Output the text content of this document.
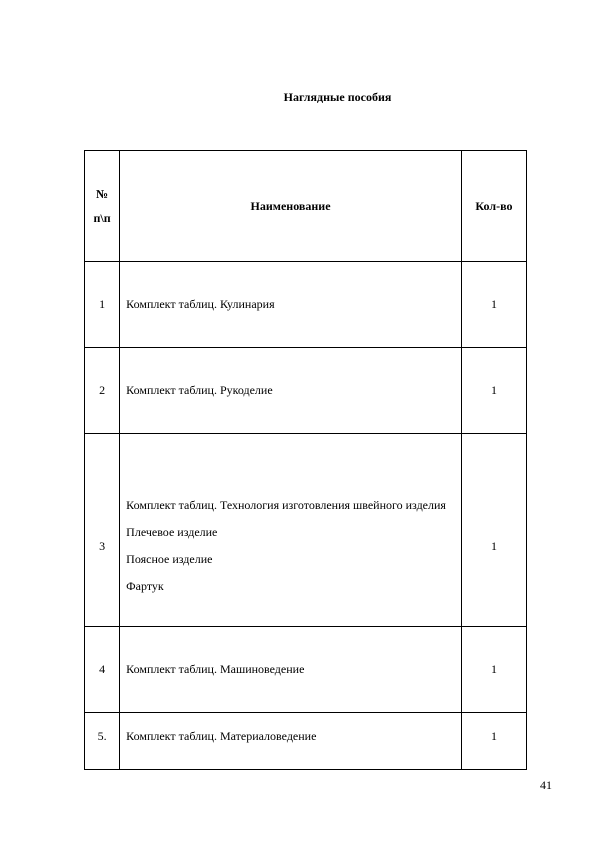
Наглядные пособия
№
п\п	Наименование	Кол-во
1	Комплект таблиц. Кулинария	1
2	Комплект таблиц. Рукоделие	1
3	Комплект таблиц. Технология изготовления швейного изделия
Плечевое изделие
Поясное изделие
Фартук	1
4	Комплект таблиц. Машиноведение	1
5.	Комплект таблиц. Материаловедение	1
41
